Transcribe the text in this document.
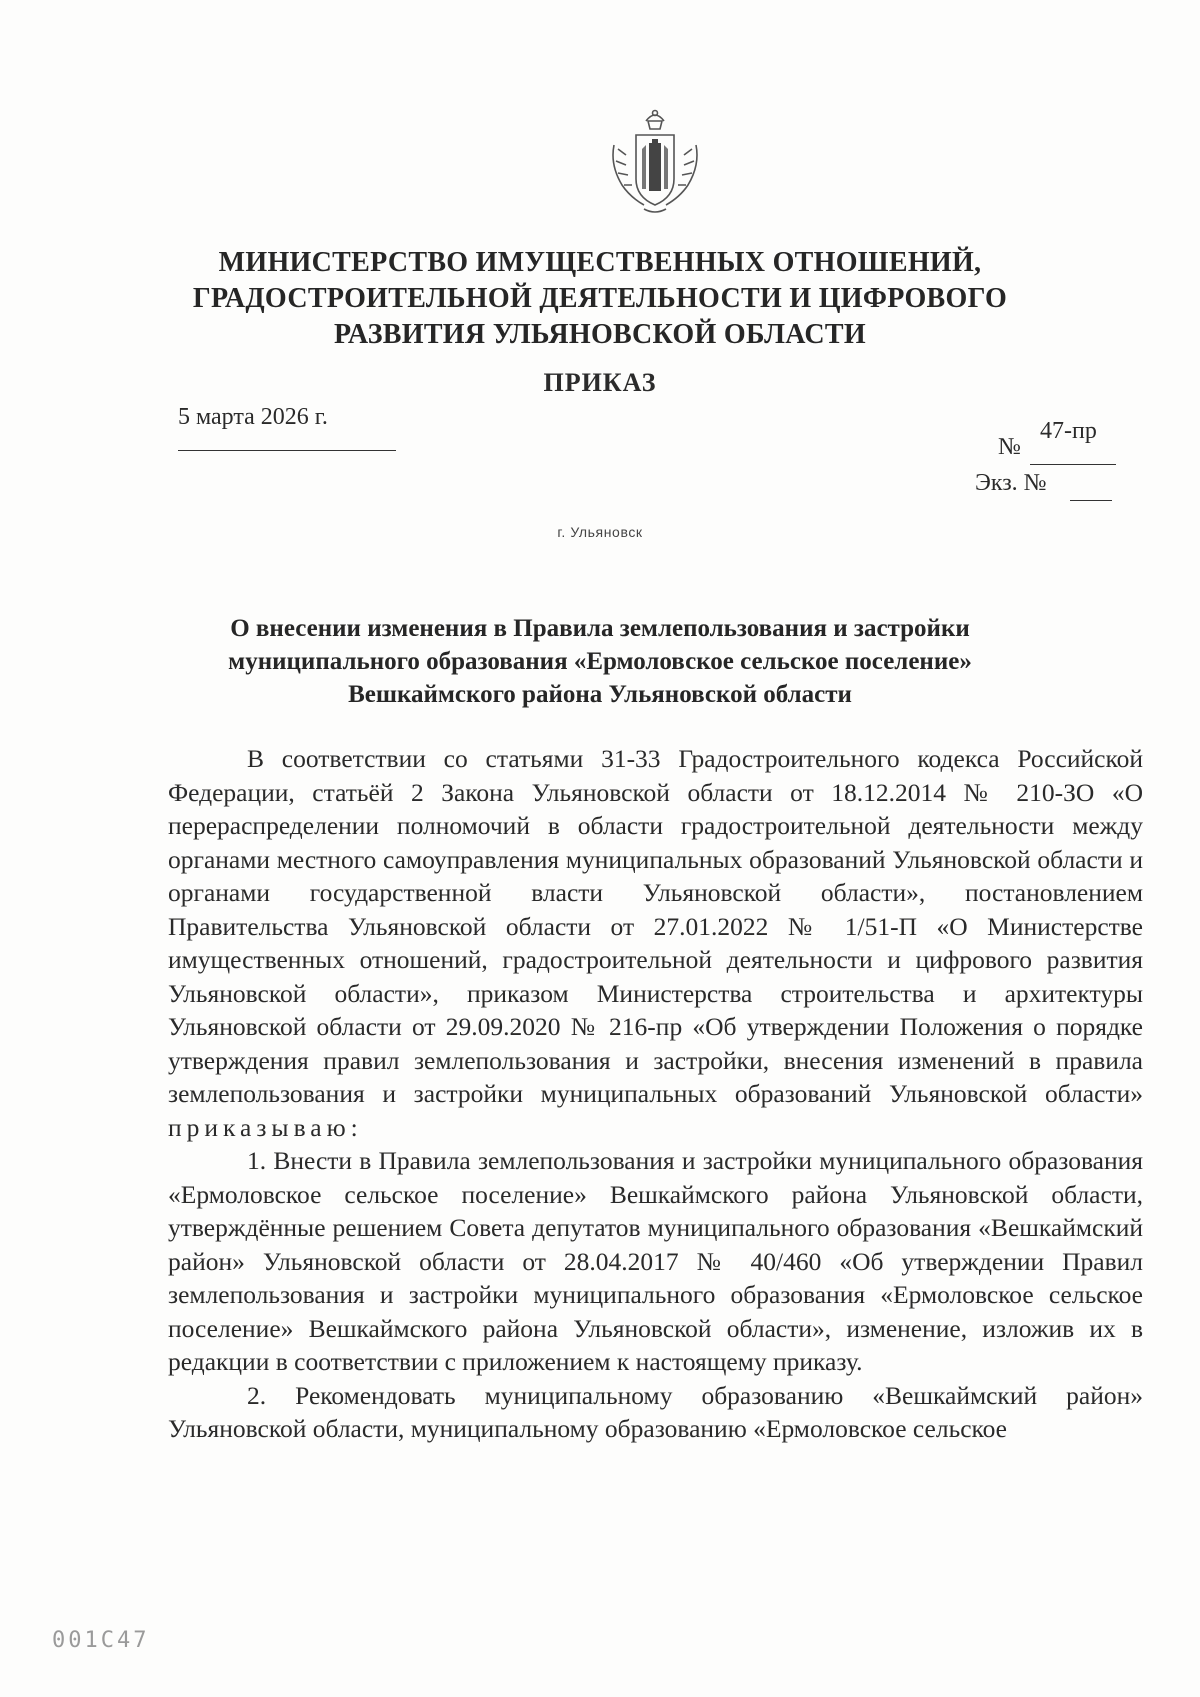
МИНИСТЕРСТВО ИМУЩЕСТВЕННЫХ ОТНОШЕНИЙ,
ГРАДОСТРОИТЕЛЬНОЙ ДЕЯТЕЛЬНОСТИ И ЦИФРОВОГО
РАЗВИТИЯ УЛЬЯНОВСКОЙ ОБЛАСТИ
ПРИКАЗ
5 марта 2026 г.
№
47-пр
Экз. №
г. Ульяновск
О внесении изменения в Правила землепользования и застройки
муниципального образования «Ермоловское сельское поселение»
Вешкаймского района Ульяновской области

В соответствии со статьями 31-33 Градостроительного кодекса Российской Федерации, статьёй 2 Закона Ульяновской области от 18.12.2014 № 210-ЗО «О перераспределении полномочий в области градостроительной деятельности между органами местного самоуправления муниципальных образований Ульяновской области и органами государственной власти Ульяновской области», постановлением Правительства Ульяновской области от 27.01.2022 № 1/51-П «О Министерстве имущественных отношений, градостроительной деятельности и цифрового развития Ульяновской области», приказом Министерства строительства и архитектуры Ульяновской области от 29.09.2020 № 216-пр «Об утверждении Положения о порядке утверждения правил землепользования и застройки, внесения изменений в правила землепользования и застройки муниципальных образований Ульяновской области» приказываю:

1. Внести в Правила землепользования и застройки муниципального образования «Ермоловское сельское поселение» Вешкаймского района Ульяновской области, утверждённые решением Совета депутатов муниципального образования «Вешкаймский район» Ульяновской области от 28.04.2017 № 40/460 «Об утверждении Правил землепользования и застройки муниципального образования «Ермоловское сельское поселение» Вешкаймского района Ульяновской области», изменение, изложив их в редакции в соответствии с приложением к настоящему приказу.

2. Рекомендовать муниципальному образованию «Вешкаймский район» Ульяновской области, муниципальному образованию «Ермоловское сельское

001С47
